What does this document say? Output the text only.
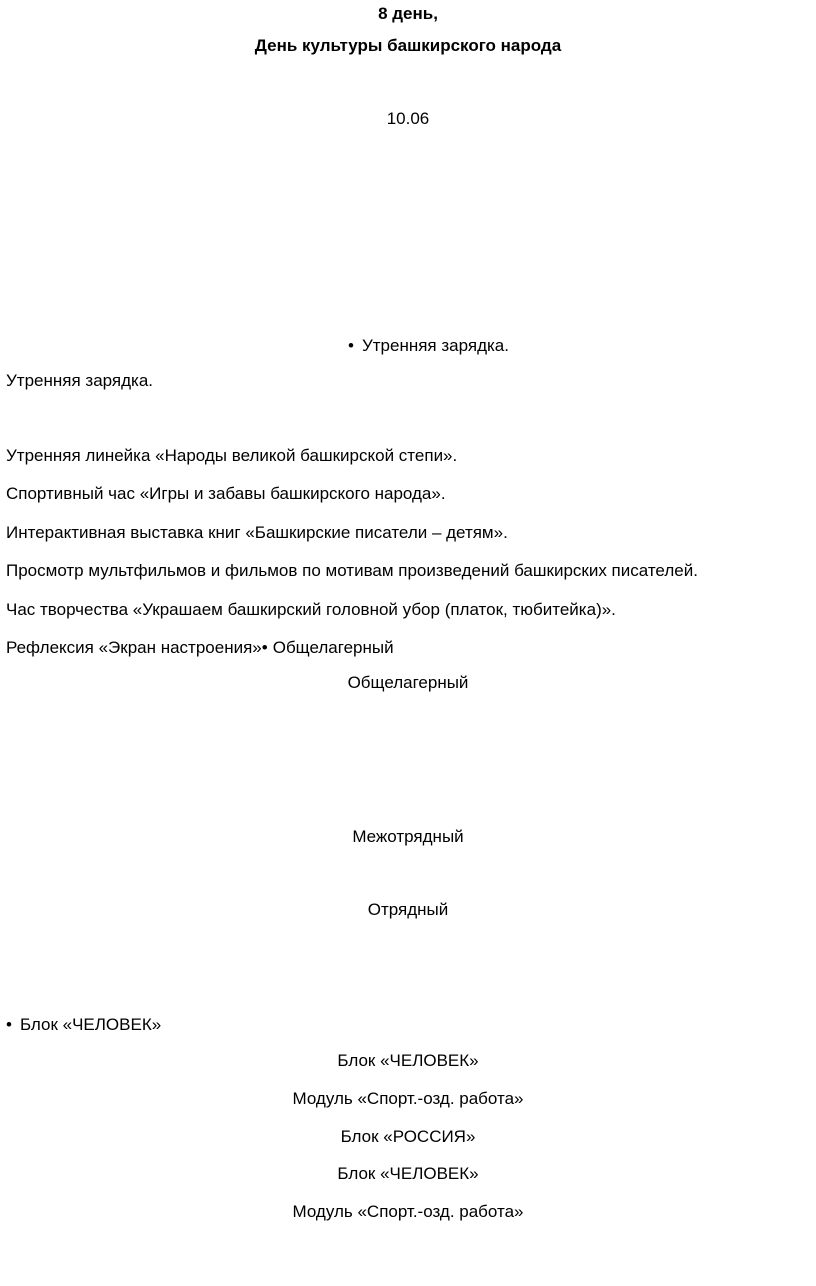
8 день,
День культуры башкирского народа
10.06
• Утренняя зарядка.
Утренняя зарядка.
Утренняя линейка «Народы великой башкирской степи».
Спортивный час «Игры и забавы башкирского народа».
Интерактивная выставка книг «Башкирские писатели – детям».
Просмотр мультфильмов и фильмов по мотивам произведений башкирских писателей.
Час творчества «Украшаем башкирский головной убор (платок, тюбитейка)».
Рефлексия «Экран настроения»• Общелагерный
Общелагерный
Межотрядный
Отрядный
• Блок «ЧЕЛОВЕК»
Блок «ЧЕЛОВЕК»
Модуль «Спорт.-озд. работа»
Блок «РОССИЯ»
Блок «ЧЕЛОВЕК»
Модуль «Спорт.-озд. работа»
